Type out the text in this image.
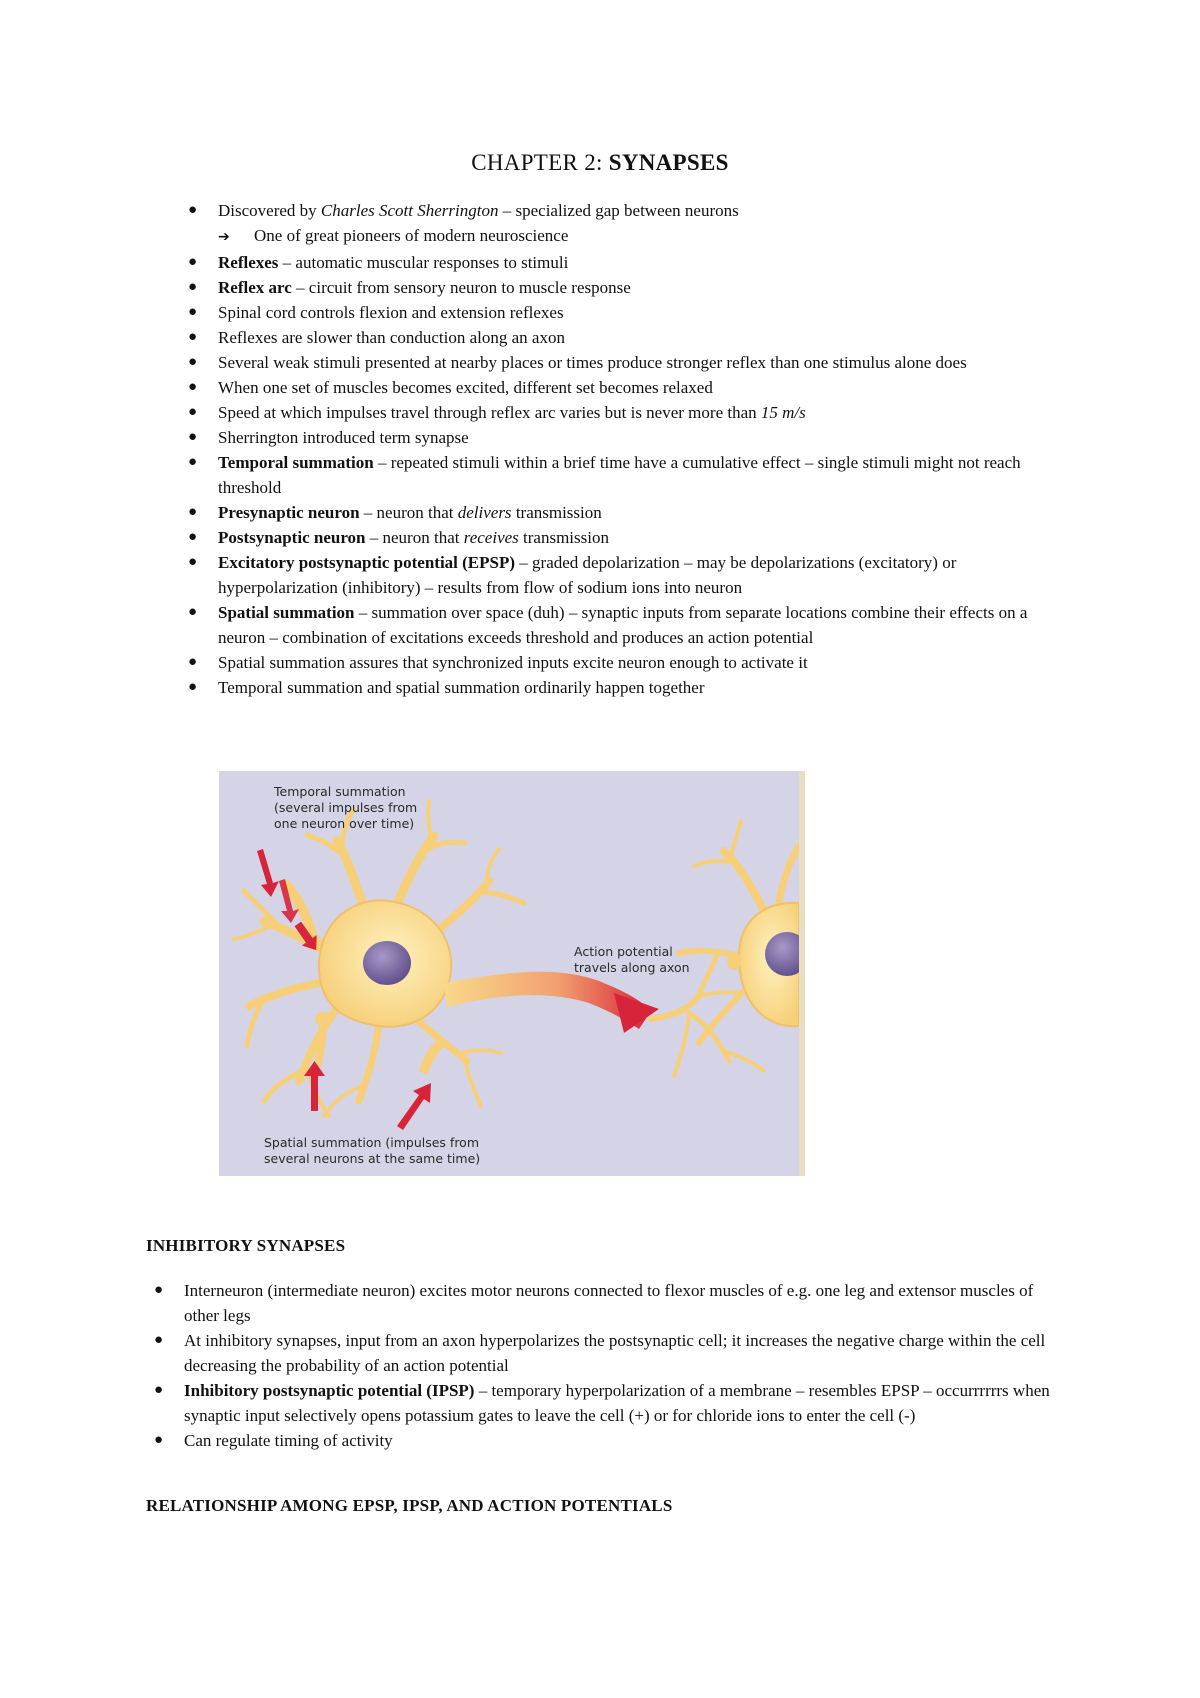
CHAPTER 2: SYNAPSES
● Discovered by Charles Scott Sherrington – specialized gap between neurons
➔ One of great pioneers of modern neuroscience
● Reflexes – automatic muscular responses to stimuli
● Reflex arc – circuit from sensory neuron to muscle response
● Spinal cord controls flexion and extension reflexes
● Reflexes are slower than conduction along an axon
● Several weak stimuli presented at nearby places or times produce stronger reflex than one stimulus alone does
● When one set of muscles becomes excited, different set becomes relaxed
● Speed at which impulses travel through reflex arc varies but is never more than 15 m/s
● Sherrington introduced term synapse
● Temporal summation – repeated stimuli within a brief time have a cumulative effect – single stimuli might not reach threshold
● Presynaptic neuron – neuron that delivers transmission
● Postsynaptic neuron – neuron that receives transmission
● Excitatory postsynaptic potential (EPSP) – graded depolarization – may be depolarizations (excitatory) or hyperpolarization (inhibitory) – results from flow of sodium ions into neuron
● Spatial summation – summation over space (duh) – synaptic inputs from separate locations combine their effects on a neuron – combination of excitations exceeds threshold and produces an action potential
● Spatial summation assures that synchronized inputs excite neuron enough to activate it
● Temporal summation and spatial summation ordinarily happen together
Temporal summation
(several impulses from
one neuron over time)
Action potential
travels along axon
Spatial summation (impulses from
several neurons at the same time)
INHIBITORY SYNAPSES
● Interneuron (intermediate neuron) excites motor neurons connected to flexor muscles of e.g. one leg and extensor muscles of other legs
● At inhibitory synapses, input from an axon hyperpolarizes the postsynaptic cell; it increases the negative charge within the cell decreasing the probability of an action potential
● Inhibitory postsynaptic potential (IPSP) – temporary hyperpolarization of a membrane – resembles EPSP – occurrrrrrs when synaptic input selectively opens potassium gates to leave the cell (+) or for chloride ions to enter the cell (-)
● Can regulate timing of activity
RELATIONSHIP AMONG EPSP, IPSP, AND ACTION POTENTIALS
